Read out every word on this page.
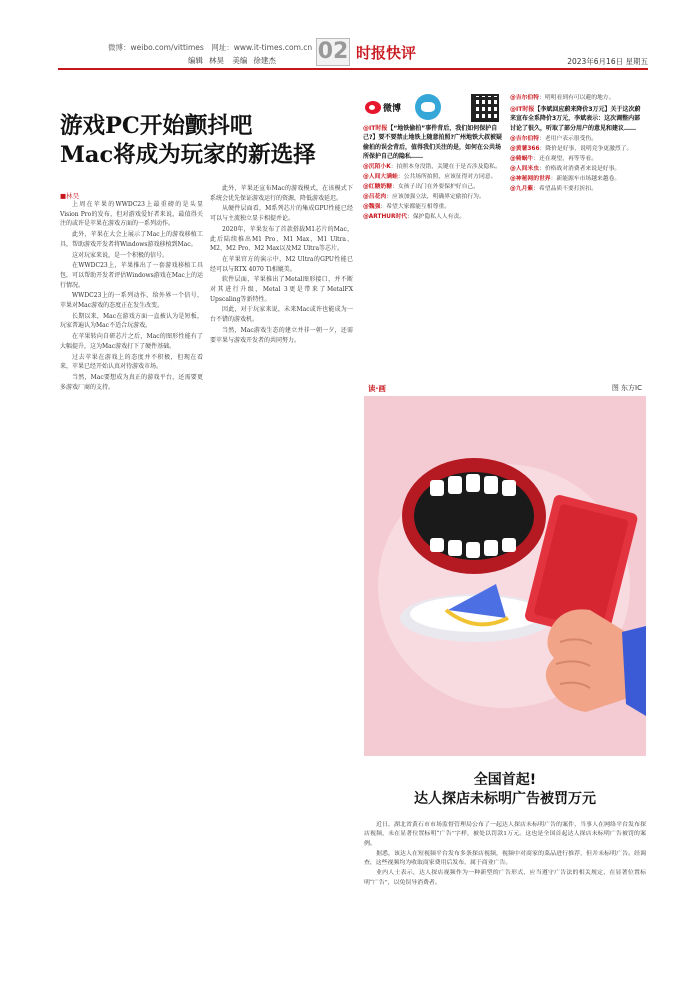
微博：weibo.com/vittimes　网址：www.it-times.com.cn
编辑 林昊 美编 徐建杰 02 时报快评	2023年6月16日 星期五
游戏PC开始颤抖吧
Mac将成为玩家的新选择
■林昊

上周在苹果的WWDC23上最重磅的是头显Vision Pro的发布，但对游戏爱好者来说，最值得关注的或许是苹果在游戏方面的一系列动作。

此外，苹果在大会上展示了Mac上的游戏移植工具，帮助游戏开发者将Windows游戏移植到Mac。

这对玩家来说，是一个积极的信号。

在WWDC23上，苹果推出了一套游戏移植工具包，可以帮助开发者评估Windows游戏在Mac上的运行情况。

WWDC23上的一系列动作，给外界一个信号，苹果对Mac游戏的态度正在发生改变。

长期以来，Mac在游戏方面一直被认为是短板，玩家普遍认为Mac不适合玩游戏。

在苹果转向自研芯片之后，Mac的图形性能有了大幅提升，这为Mac游戏打下了硬件基础。

过去苹果在游戏上的态度并不积极，但现在看来，苹果已经开始认真对待游戏市场。

当然，Mac要想成为真正的游戏平台，还需要更多游戏厂商的支持。

此外，苹果还宣布Mac的游戏模式，在该模式下系统会优先保证游戏运行的资源，降低游戏延迟。

从硬件层面看，M系列芯片的集成GPU性能已经可以与主流独立显卡相提并论。

2020年，苹果发布了首款搭载M1芯片的Mac，此后陆续推出M1 Pro、M1 Max、M1 Ultra、M2、M2 Pro、M2 Max以及M2 Ultra等芯片。

在苹果官方的演示中，M2 Ultra的GPU性能已经可以与RTX 4070 Ti相媲美。

软件层面，苹果推出了Metal图形接口，并不断对其进行升级，Metal 3更是带来了MetalFX Upscaling等新特性。

因此，对于玩家来说，未来Mac或许也能成为一台不错的游戏机。

当然，Mac游戏生态的建立并非一朝一夕，还需要苹果与游戏开发者的共同努力。

微博

@IT时报【“地铁偷拍”事件背后，我们如何保护自己?】要不要禁止地铁上随意拍照?广州地铁大叔被疑偷拍的误会背后，值得我们关注的是，如何在公共场所保护自己的隐私……

@沉陌小K：拍照本身没错，关键在于是否涉及隐私。

@人间大满蛙：公共场所拍照，应该征得对方同意。

@红糖奶糖：女孩子出门在外要保护好自己。

@吕花肉：应该加强立法，明确界定偷拍行为。

@魏强：希望大家都能互相尊重。

@ARTHUR时代：保护隐私人人有责。

@吉尔伯特：明明看到有可以避的地方。

@IT时报【李斌回应蔚来降价3万元】关于这次蔚来宣布全系降价3万元，李斌表示：这次调整内部讨论了很久，听取了部分用户的意见和建议……

@吉尔伯特：老用户表示很受伤。

@黄薯366：降价是好事，说明竞争更激烈了。

@骑蜗牛：还在观望，再等等看。

@人间米虫：价格战对消费者来说是好事。

@神秘网的世界：新能源车市场越来越卷。

@九月紫：希望品质不要打折扣。

读·画	图 东方IC
全国首起!
达人探店未标明广告被罚万元

近日，湖北省黄石市市场监督管理局公布了一起达人探店未标明广告的案件，当事人在网络平台发布探店视频，未在显著位置标明“广告”字样，被处以罚款1万元。这也是全国首起达人探店未标明广告被罚的案例。

据悉，该达人在短视频平台发布多条探店视频，视频中对商家的菜品进行推荐，但并未标明广告。经调查，这些视频均为收取商家费用后发布，属于商业广告。

业内人士表示，达人探店视频作为一种新型的广告形式，应当遵守广告法的相关规定，在显著位置标明“广告”，以免误导消费者。
